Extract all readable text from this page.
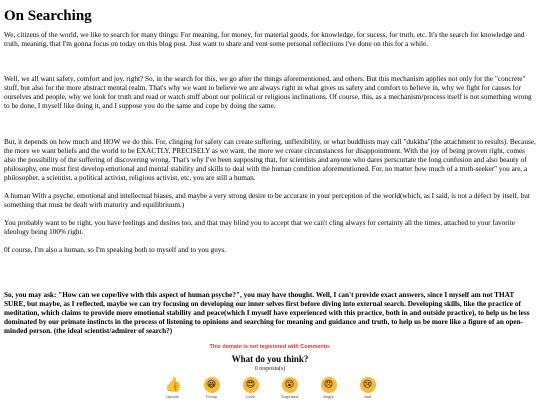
On Searching

We, citizens of the world, we like to search for many things: For meaning, for money, for material goods, for knowledge, for sucess, for truth, etc. It's the search for knowledge and truth, meaning, that I'm gonna focus on today on this blog post. Just want to share and vent some personal reflections i've done on this for a while.

Well, we all want safety, comfort and joy, right? So, in the search for this, we go after the things aforementioned, and others. But this mechanism applies not only for the "concrete" stuff, but also for the more abstract mental realm. That's why we want to believe we are always right in what gives us safety and comfort to believe in, why we fight for causes for ourselves and people, why we look for truth and read or watch stuff about our political or religious inclinations. Of course, this, as a mechanism/process itself is not something wrong to be done, I myself like doing it, and I suppose you do the same and cope by doing the same.

But, it depends on how much and HOW we do this. For, clinging for safety can create suffering, unflexibility, or what buddhists may call "dukkha"(the attachment to results). Because, the more we want beliefs and the world to be EXACTLY, PRECISELY as we want, the more we create circunstances for disappointment. With the joy of being proven right, comes also the possibility of the suffering of discovering wrong. That's why I've been supposing that, for scientists and anyone who dares perscurtate the long confusion and also beauty of philosophy, one must first develop emotional and mental stability and skills to deal with the human condition aforementioned. For, no matter how much of a truth-seeker" you are, a philosopher, a scientist, a political activist, religious activist, etc, you are still a human.

A human With a psyche, emotional and intellectual biases, and maybe a very strong desire to be accurate in your perception of the world(which, as I said, is not a defect by itself, but something that must be dealt with maturity and equilibriuum.)

You probably want to be right, you have feelings and desires too, and that may blind you to accept that we can't cling always for certainty all the times, attached to your favorite ideology being 100% right.

0f course, I'm also a human, so I'm speaking both to myself and to you guys.

So, you may ask: "How can we cope/live with this aspect of human psyche?", you may have thought. Well, I can't provide exact answers, since I myself am not THAT SURE, but maybe, as I reflected, maybe we can try focusing on developing our inner selves first before diving into external search. Developing skills, like the practice of meditation, which claims to provide more emotional stability and peace(which I myself have experienced with this practice, both in and outside practice), to help us be less dominated by our primate instincts in the process of listening to opinions and searching for meaning and guidance and truth, to help us be more like a figure of an open-minded person. (the ideal scientist/admirer of search?)

This domain is not registered with Commento.
What do you think?
0 resposta(s)
👍
Upvote
😆
Funny
😍
Love
😮
Surprised
😠
Angry
😢
Sad
